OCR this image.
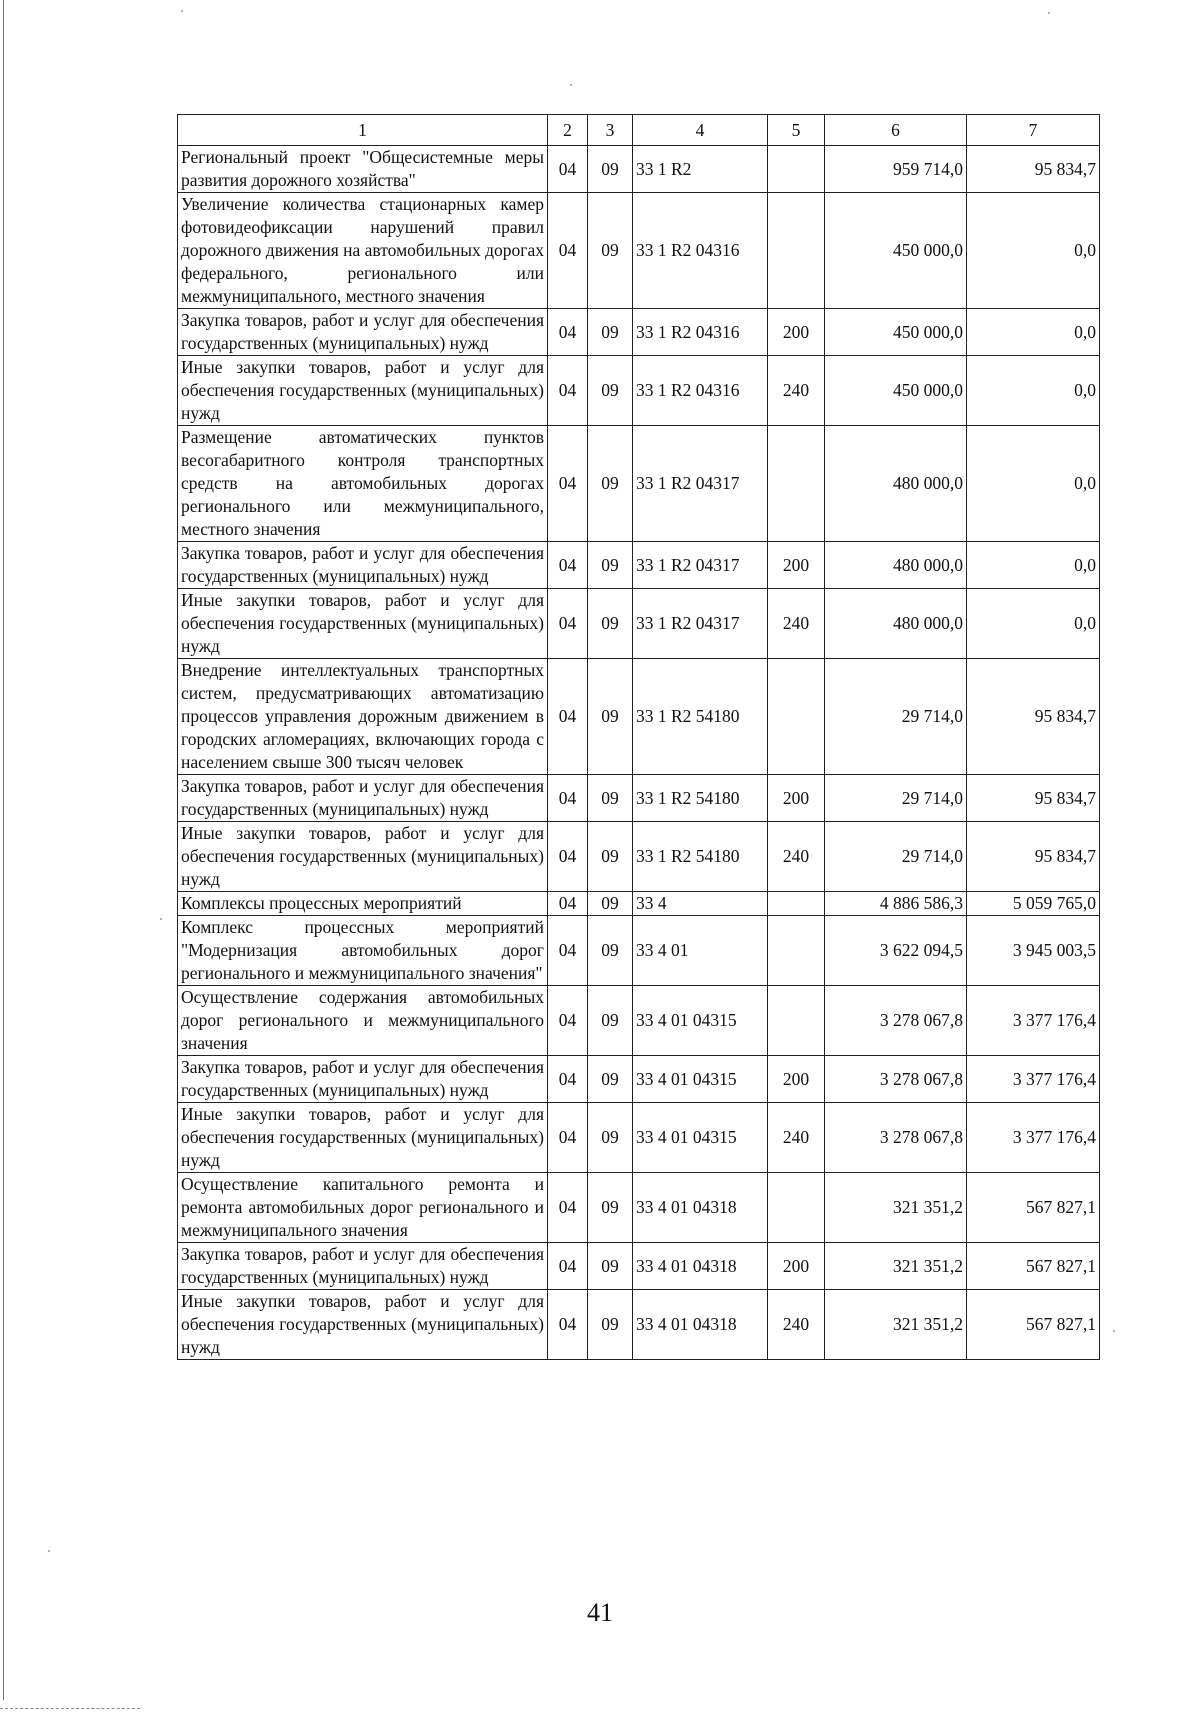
1	2	3	4	5	6	7
Региональный проект "Общесистемные меры развития дорожного хозяйства"	04	09	33 1 R2		959 714,0	95 834,7
Увеличение количества стационарных камер фотовидеофиксации нарушений правил дорожного движения на автомобильных дорогах федерального, регионального или межмуниципального, местного значения	04	09	33 1 R2 04316		450 000,0	0,0
Закупка товаров, работ и услуг для обеспечения государственных (муниципальных) нужд	04	09	33 1 R2 04316	200	450 000,0	0,0
Иные закупки товаров, работ и услуг для обеспечения государственных (муниципальных) нужд	04	09	33 1 R2 04316	240	450 000,0	0,0
Размещение автоматических пунктов весогабаритного контроля транспортных средств на автомобильных дорогах регионального или межмуниципального, местного значения	04	09	33 1 R2 04317		480 000,0	0,0
Закупка товаров, работ и услуг для обеспечения государственных (муниципальных) нужд	04	09	33 1 R2 04317	200	480 000,0	0,0
Иные закупки товаров, работ и услуг для обеспечения государственных (муниципальных) нужд	04	09	33 1 R2 04317	240	480 000,0	0,0
Внедрение интеллектуальных транспортных систем, предусматривающих автоматизацию процессов управления дорожным движением в городских агломерациях, включающих города с населением свыше 300 тысяч человек	04	09	33 1 R2 54180		29 714,0	95 834,7
Закупка товаров, работ и услуг для обеспечения государственных (муниципальных) нужд	04	09	33 1 R2 54180	200	29 714,0	95 834,7
Иные закупки товаров, работ и услуг для обеспечения государственных (муниципальных) нужд	04	09	33 1 R2 54180	240	29 714,0	95 834,7
Комплексы процессных мероприятий	04	09	33 4		4 886 586,3	5 059 765,0
Комплекс процессных мероприятий "Модернизация автомобильных дорог регионального и межмуниципального значения"	04	09	33 4 01		3 622 094,5	3 945 003,5
Осуществление содержания автомобильных дорог регионального и межмуниципального значения	04	09	33 4 01 04315		3 278 067,8	3 377 176,4
Закупка товаров, работ и услуг для обеспечения государственных (муниципальных) нужд	04	09	33 4 01 04315	200	3 278 067,8	3 377 176,4
Иные закупки товаров, работ и услуг для обеспечения государственных (муниципальных) нужд	04	09	33 4 01 04315	240	3 278 067,8	3 377 176,4
Осуществление капитального ремонта и ремонта автомобильных дорог регионального и межмуниципального значения	04	09	33 4 01 04318		321 351,2	567 827,1
Закупка товаров, работ и услуг для обеспечения государственных (муниципальных) нужд	04	09	33 4 01 04318	200	321 351,2	567 827,1
Иные закупки товаров, работ и услуг для обеспечения государственных (муниципальных) нужд	04	09	33 4 01 04318	240	321 351,2	567 827,1
41
